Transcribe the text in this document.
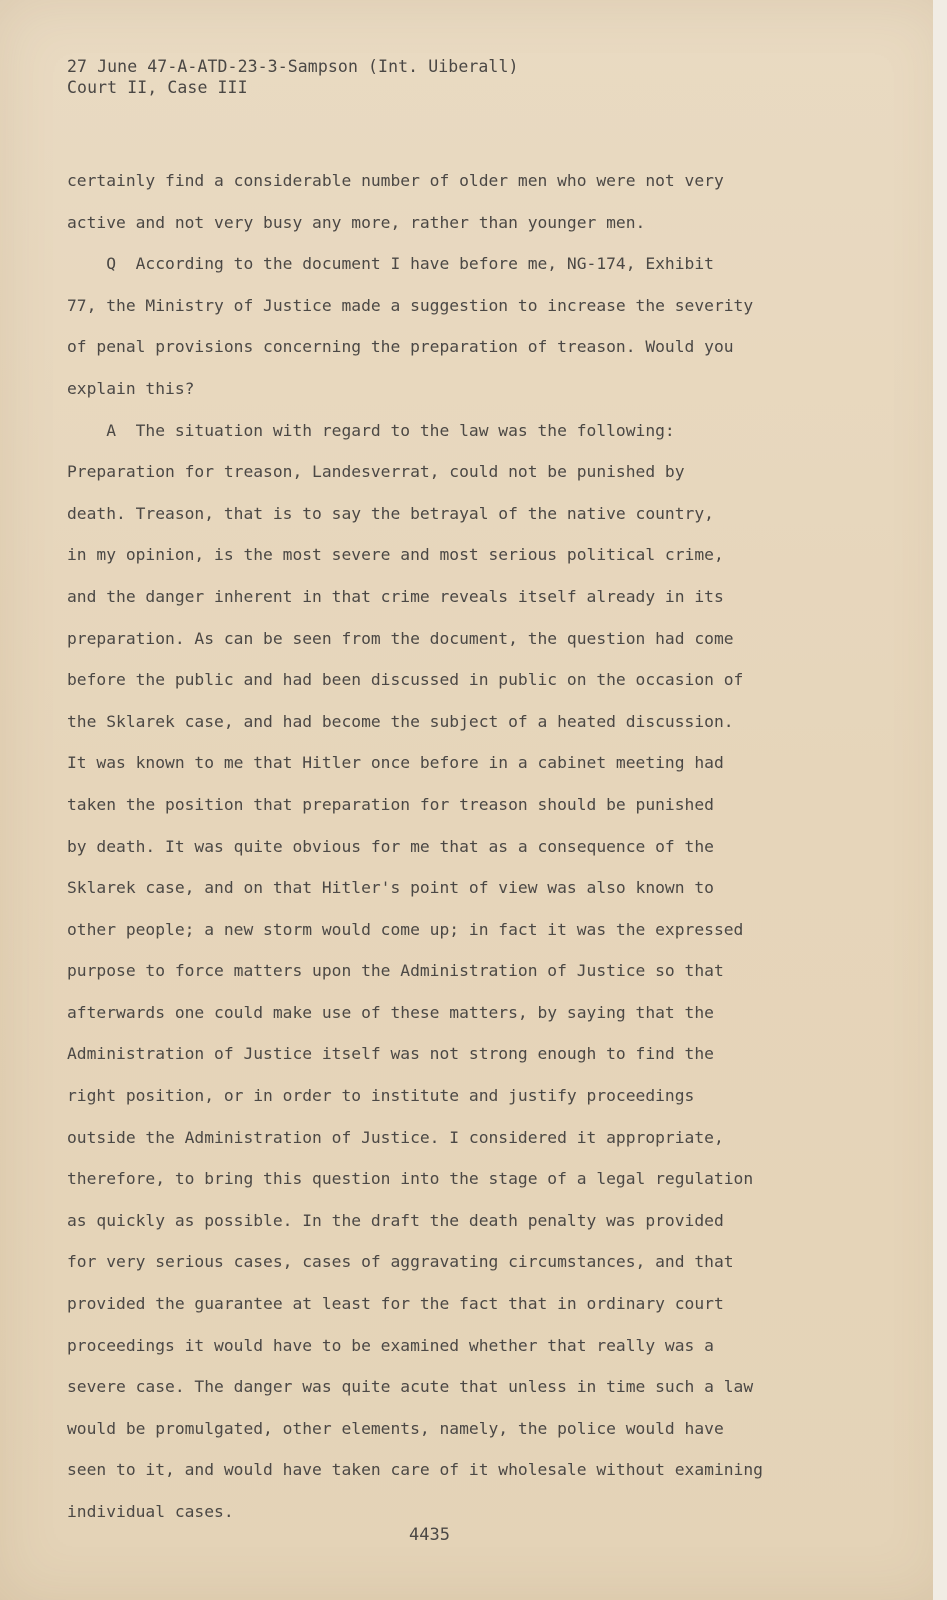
27 June 47-A-ATD-23-3-Sampson (Int. Uiberall)
Court II, Case III
certainly find a considerable number of older men who were not very
active and not very busy any more, rather than younger men.
Q  According to the document I have before me, NG-174, Exhibit
77, the Ministry of Justice made a suggestion to increase the severity
of penal provisions concerning the preparation of treason. Would you
explain this?
A  The situation with regard to the law was the following:
Preparation for treason, Landesverrat, could not be punished by
death. Treason, that is to say the betrayal of the native country,
in my opinion, is the most severe and most serious political crime,
and the danger inherent in that crime reveals itself already in its
preparation. As can be seen from the document, the question had come
before the public and had been discussed in public on the occasion of
the Sklarek case, and had become the subject of a heated discussion.
It was known to me that Hitler once before in a cabinet meeting had
taken the position that preparation for treason should be punished
by death. It was quite obvious for me that as a consequence of the
Sklarek case, and on that Hitler's point of view was also known to
other people; a new storm would come up; in fact it was the expressed
purpose to force matters upon the Administration of Justice so that
afterwards one could make use of these matters, by saying that the
Administration of Justice itself was not strong enough to find the
right position, or in order to institute and justify proceedings
outside the Administration of Justice. I considered it appropriate,
therefore, to bring this question into the stage of a legal regulation
as quickly as possible. In the draft the death penalty was provided
for very serious cases, cases of aggravating circumstances, and that
provided the guarantee at least for the fact that in ordinary court
proceedings it would have to be examined whether that really was a
severe case. The danger was quite acute that unless in time such a law
would be promulgated, other elements, namely, the police would have
seen to it, and would have taken care of it wholesale without examining
individual cases.
4435
